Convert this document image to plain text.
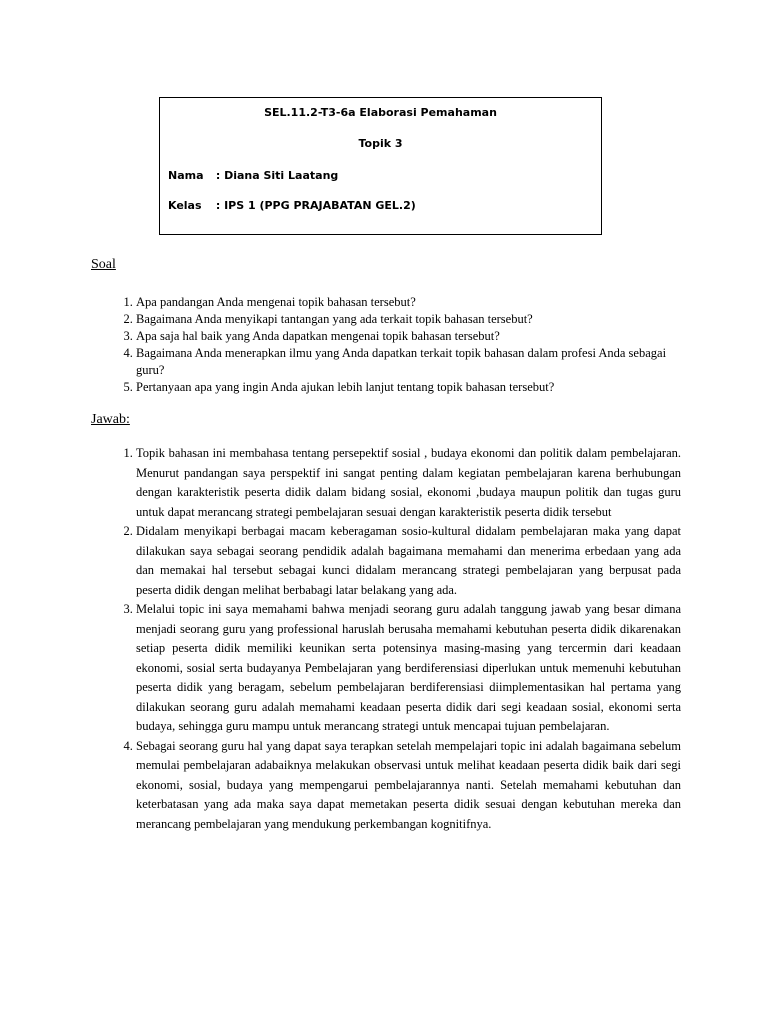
SEL.11.2-T3-6a Elaborasi Pemahaman
Topik 3
Nama : Diana Siti Laatang
Kelas : IPS 1 (PPG PRAJABATAN GEL.2)
Soal
1. Apa pandangan Anda mengenai topik bahasan tersebut?
2. Bagaimana Anda menyikapi tantangan yang ada terkait topik bahasan tersebut?
3. Apa saja hal baik yang Anda dapatkan mengenai topik bahasan tersebut?
4. Bagaimana Anda menerapkan ilmu yang Anda dapatkan terkait topik bahasan dalam profesi Anda sebagai guru?
5. Pertanyaan apa yang ingin Anda ajukan lebih lanjut tentang topik bahasan tersebut?
Jawab:
1. Topik bahasan ini membahasa tentang persepektif sosial , budaya ekonomi dan politik dalam pembelajaran. Menurut pandangan saya perspektif ini sangat penting dalam kegiatan pembelajaran karena berhubungan dengan karakteristik peserta didik dalam bidang sosial, ekonomi ,budaya maupun politik dan tugas guru untuk dapat merancang strategi pembelajaran sesuai dengan karakteristik peserta didik tersebut
2. Didalam menyikapi berbagai macam keberagaman sosio-kultural didalam pembelajaran maka yang dapat dilakukan saya sebagai seorang pendidik adalah bagaimana memahami dan menerima erbedaan yang ada dan memakai hal tersebut sebagai kunci didalam merancang strategi pembelajaran yang berpusat pada peserta didik dengan melihat berbabagi latar belakang yang ada.
3. Melalui topic ini saya memahami bahwa menjadi seorang guru adalah tanggung jawab yang besar dimana menjadi seorang guru yang professional haruslah berusaha memahami kebutuhan peserta didik dikarenakan setiap peserta didik memiliki keunikan serta potensinya masing-masing yang tercermin dari keadaan ekonomi, sosial serta budayanya Pembelajaran yang berdiferensiasi diperlukan untuk memenuhi kebutuhan peserta didik yang beragam, sebelum pembelajaran berdiferensiasi diimplementasikan hal pertama yang dilakukan seorang guru adalah memahami keadaan peserta didik dari segi keadaan sosial, ekonomi serta budaya, sehingga guru mampu untuk merancang strategi untuk mencapai tujuan pembelajaran.
4. Sebagai seorang guru hal yang dapat saya terapkan setelah mempelajari topic ini adalah bagaimana sebelum memulai pembelajaran adabaiknya melakukan observasi untuk melihat keadaan peserta didik baik dari segi ekonomi, sosial, budaya yang mempengarui pembelajarannya nanti. Setelah memahami kebutuhan dan keterbatasan yang ada maka saya dapat memetakan peserta didik sesuai dengan kebutuhan mereka dan merancang pembelajaran yang mendukung perkembangan kognitifnya.
